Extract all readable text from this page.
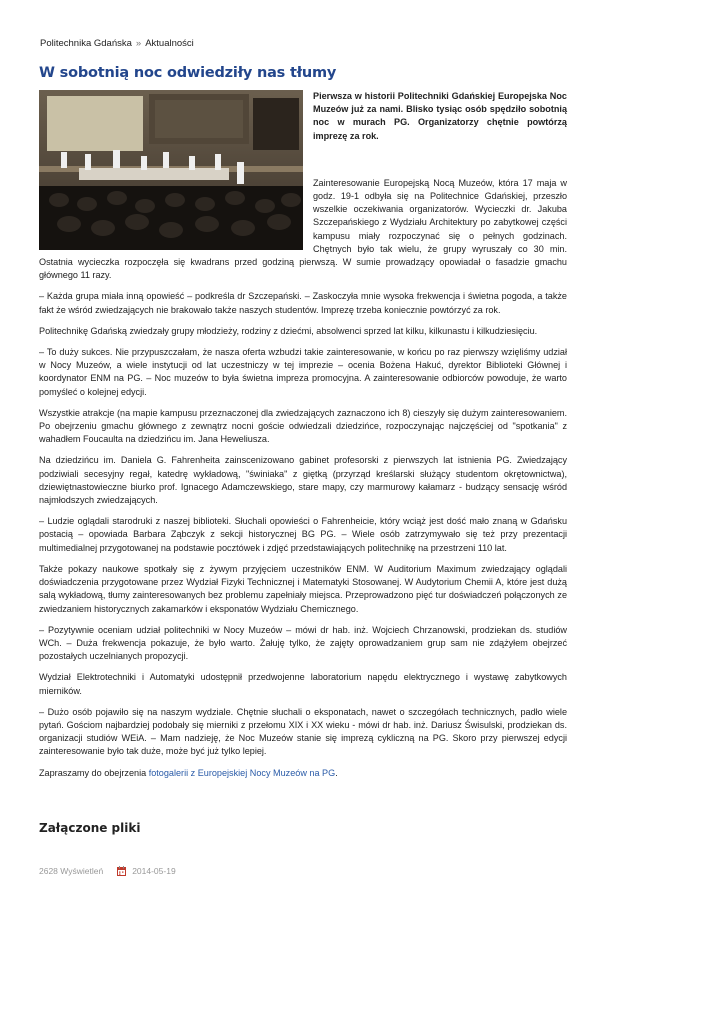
Politechnika Gdańska » Aktualności
W sobotnią noc odwiedziły nas tłumy
Pierwsza w historii Politechniki Gdańskiej Europejska Noc Muzeów już za nami. Blisko tysiąc osób spędziło sobotnią noc w murach PG. Organizatorzy chętnie powtórzą imprezę za rok.

Zainteresowanie Europejską Nocą Muzeów, która 17 maja w godz. 19-1 odbyła się na Politechnice Gdańskiej, przeszło wszelkie oczekiwania organizatorów. Wycieczki dr. Jakuba Szczepańskiego z Wydziału Architektury po zabytkowej części kampusu miały rozpoczynać się o pełnych godzinach. Chętnych było tak wielu, że grupy wyruszały co 30 min. Ostatnia wycieczka rozpoczęła się kwadrans przed godziną pierwszą. W sumie prowadzący opowiadał o fasadzie gmachu głównego 11 razy.

– Każda grupa miała inną opowieść – podkreśla dr Szczepański. – Zaskoczyła mnie wysoka frekwencja i świetna pogoda, a także fakt że wśród zwiedzających nie brakowało także naszych studentów. Imprezę trzeba koniecznie powtórzyć za rok.

Politechnikę Gdańską zwiedzały grupy młodzieży, rodziny z dziećmi, absolwenci sprzed lat kilku, kilkunastu i kilkudziesięciu.

– To duży sukces. Nie przypuszczałam, że nasza oferta wzbudzi takie zainteresowanie, w końcu po raz pierwszy wzięliśmy udział w Nocy Muzeów, a wiele instytucji od lat uczestniczy w tej imprezie – ocenia Bożena Hakuć, dyrektor Biblioteki Głównej i koordynator ENM na PG. – Noc muzeów to była świetna impreza promocyjna. A zainteresowanie odbiorców powoduje, że warto pomyśleć o kolejnej edycji.

Wszystkie atrakcje (na mapie kampusu przeznaczonej dla zwiedzających zaznaczono ich 8) cieszyły się dużym zainteresowaniem. Po obejrzeniu gmachu głównego z zewnątrz nocni goście odwiedzali dziedzińce, rozpoczynając najczęściej od "spotkania" z wahadłem Foucaulta na dziedzińcu im. Jana Heweliusza.

Na dziedzińcu im. Daniela G. Fahrenheita zainscenizowano gabinet profesorski z pierwszych lat istnienia PG. Zwiedzający podziwiali secesyjny regał, katedrę wykładową, "świniaka" z giętką (przyrząd kreślarski służący studentom okrętownictwa), dziewiętnastowieczne biurko prof. Ignacego Adamczewskiego, stare mapy, czy marmurowy kałamarz - budzący sensację wśród najmłodszych zwiedzających.

– Ludzie oglądali starodruki z naszej biblioteki. Słuchali opowieści o Fahrenheicie, który wciąż jest dość mało znaną w Gdańsku postacią – opowiada Barbara Ząbczyk z sekcji historycznej BG PG. – Wiele osób zatrzymywało się też przy prezentacji multimedialnej przygotowanej na podstawie pocztówek i zdjęć przedstawiających politechnikę na przestrzeni 110 lat.

Także pokazy naukowe spotkały się z żywym przyjęciem uczestników ENM. W Auditorium Maximum zwiedzający oglądali doświadczenia przygotowane przez Wydział Fizyki Technicznej i Matematyki Stosowanej. W Audytorium Chemii A, które jest dużą salą wykładową, tłumy zainteresowanych bez problemu zapełniały miejsca. Przeprowadzono pięć tur doświadczeń połączonych ze zwiedzaniem historycznych zakamarków i eksponatów Wydziału Chemicznego.

– Pozytywnie oceniam udział politechniki w Nocy Muzeów – mówi dr hab. inż. Wojciech Chrzanowski, prodziekan ds. studiów WCh. – Duża frekwencja pokazuje, że było warto. Żałuję tylko, że zajęty oprowadzaniem grup sam nie zdążyłem obejrzeć pozostałych uczelnianych propozycji.

Wydział Elektrotechniki i Automatyki udostępnił przedwojenne laboratorium napędu elektrycznego i wystawę zabytkowych mierników.

– Dużo osób pojawiło się na naszym wydziale. Chętnie słuchali o eksponatach, nawet o szczegółach technicznych, padło wiele pytań. Gościom najbardziej podobały się mierniki z przełomu XIX i XX wieku - mówi dr hab. inż. Dariusz Świsulski, prodziekan ds. organizacji studiów WEiA. – Mam nadzieję, że Noc Muzeów stanie się imprezą cykliczną na PG. Skoro przy pierwszej edycji zainteresowanie było tak duże, może być już tylko lepiej.

Zapraszamy do obejrzenia fotogalerii z Europejskiej Nocy Muzeów na PG.

Załączone pliki
2628 Wyświetleń	2014-05-19
